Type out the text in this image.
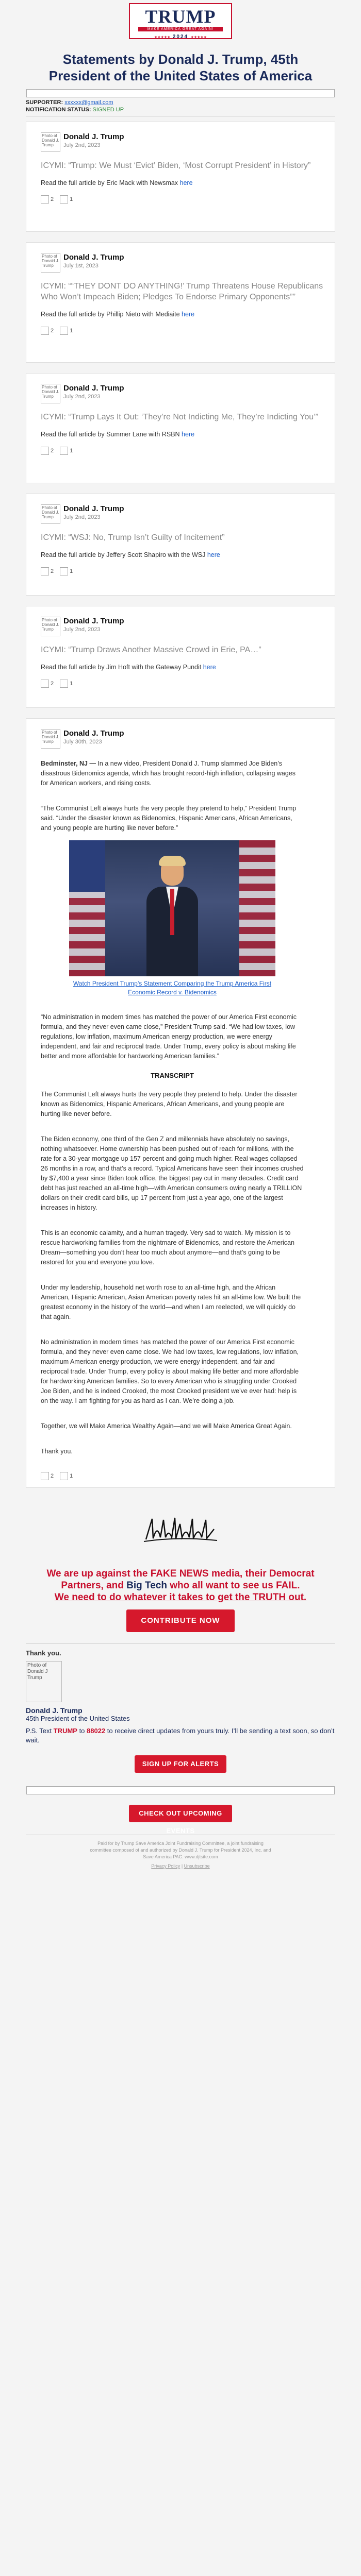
TRUMP
MAKE AMERICA GREAT AGAIN!
★★★★★ 2024 ★★★★★
Statements by Donald J. Trump, 45th President of the United States of America
SUPPORTER: xxxxxx@gmail.com
NOTIFICATION STATUS: SIGNED UP
Photo of Donald J. Trump
Donald J. Trump
July 2nd, 2023
ICYMI: “Trump: We Must ‘Evict’ Biden, ‘Most Corrupt President’ in History”
Read the full article by Eric Mack with Newsmax here
2	1
Photo of Donald J. Trump
Donald J. Trump
July 1st, 2023
ICYMI: ““THEY DONT DO ANYTHING!’ Trump Threatens House Republicans Who Won’t Impeach Biden; Pledges To Endorse Primary Opponents””
Read the full article by Phillip Nieto with Mediaite here
2	1
Photo of Donald J. Trump
Donald J. Trump
July 2nd, 2023
ICYMI: “Trump Lays It Out: ‘They’re Not Indicting Me, They’re Indicting You’”
Read the full article by Summer Lane with RSBN here
2	1
Photo of Donald J. Trump
Donald J. Trump
July 2nd, 2023
ICYMI: “WSJ: No, Trump Isn’t Guilty of Incitement”
Read the full article by Jeffery Scott Shapiro with the WSJ here
2	1
Photo of Donald J. Trump
Donald J. Trump
July 2nd, 2023
ICYMI: “Trump Draws Another Massive Crowd in Erie, PA…”
Read the full article by Jim Hoft with the Gateway Pundit here
2	1
Photo of Donald J. Trump
Donald J. Trump
July 30th, 2023
Bedminster, NJ — In a new video, President Donald J. Trump slammed Joe Biden’s disastrous Bidenomics agenda, which has brought record-high inflation, collapsing wages for American workers, and rising costs.
“The Communist Left always hurts the very people they pretend to help,” President Trump said. “Under the disaster known as Bidenomics, Hispanic Americans, African Americans, and young people are hurting like never before.”
Watch President Trump’s Statement Comparing the Trump America First Economic Record v. Bidenomics
“No administration in modern times has matched the power of our America First economic formula, and they never even came close,” President Trump said. “We had low taxes, low regulations, low inflation, maximum American energy production, we were energy independent, and fair and reciprocal trade. Under Trump, every policy is about making life better and more affordable for hardworking American families.”
TRANSCRIPT
The Communist Left always hurts the very people they pretend to help. Under the disaster known as Bidenomics, Hispanic Americans, African Americans, and young people are hurting like never before.
The Biden economy, one third of the Gen Z and millennials have absolutely no savings, nothing whatsoever. Home ownership has been pushed out of reach for millions, with the rate for a 30-year mortgage up 157 percent and going much higher. Real wages collapsed 26 months in a row, and that’s a record. Typical Americans have seen their incomes crushed by $7,400 a year since Biden took office, the biggest pay cut in many decades. Credit card debt has just reached an all-time high—with American consumers owing nearly a TRILLION dollars on their credit card bills, up 17 percent from just a year ago, one of the largest increases in history.
This is an economic calamity, and a human tragedy. Very sad to watch. My mission is to rescue hardworking families from the nightmare of Bidenomics, and restore the American Dream—something you don’t hear too much about anymore—and that’s going to be restored for you and everyone you love.
Under my leadership, household net worth rose to an all-time high, and the African American, Hispanic American, Asian American poverty rates hit an all-time low. We built the greatest economy in the history of the world—and when I am reelected, we will quickly do that again.
No administration in modern times has matched the power of our America First economic formula, and they never even came close. We had low taxes, low regulations, low inflation, maximum American energy production, we were energy independent, and fair and reciprocal trade. Under Trump, every policy is about making life better and more affordable for hardworking American families. So to every American who is struggling under Crooked Joe Biden, and he is indeed Crooked, the most Crooked president we’ve ever had: help is on the way. I am fighting for you as hard as I can. We’re doing a job.
Together, we will Make America Wealthy Again—and we will Make America Great Again.
Thank you.
2	1
We are up against the FAKE NEWS media, their Democrat Partners, and Big Tech who all want to see us FAIL.
We need to do whatever it takes to get the TRUTH out.
CONTRIBUTE NOW
Thank you.
Photo of Donald J Trump
Donald J. Trump
45th President of the United States
P.S. Text TRUMP to 88022 to receive direct updates from yours truly. I’ll be sending a text soon, so don’t wait.
SIGN UP FOR ALERTS
CHECK OUT UPCOMING EVENTS
Paid for by Trump Save America Joint Fundraising Committee, a joint fundraising committee composed of and authorized by Donald J. Trump for President 2024, Inc. and Save America PAC. www.djtsite.com
Privacy Policy | Unsubscribe
